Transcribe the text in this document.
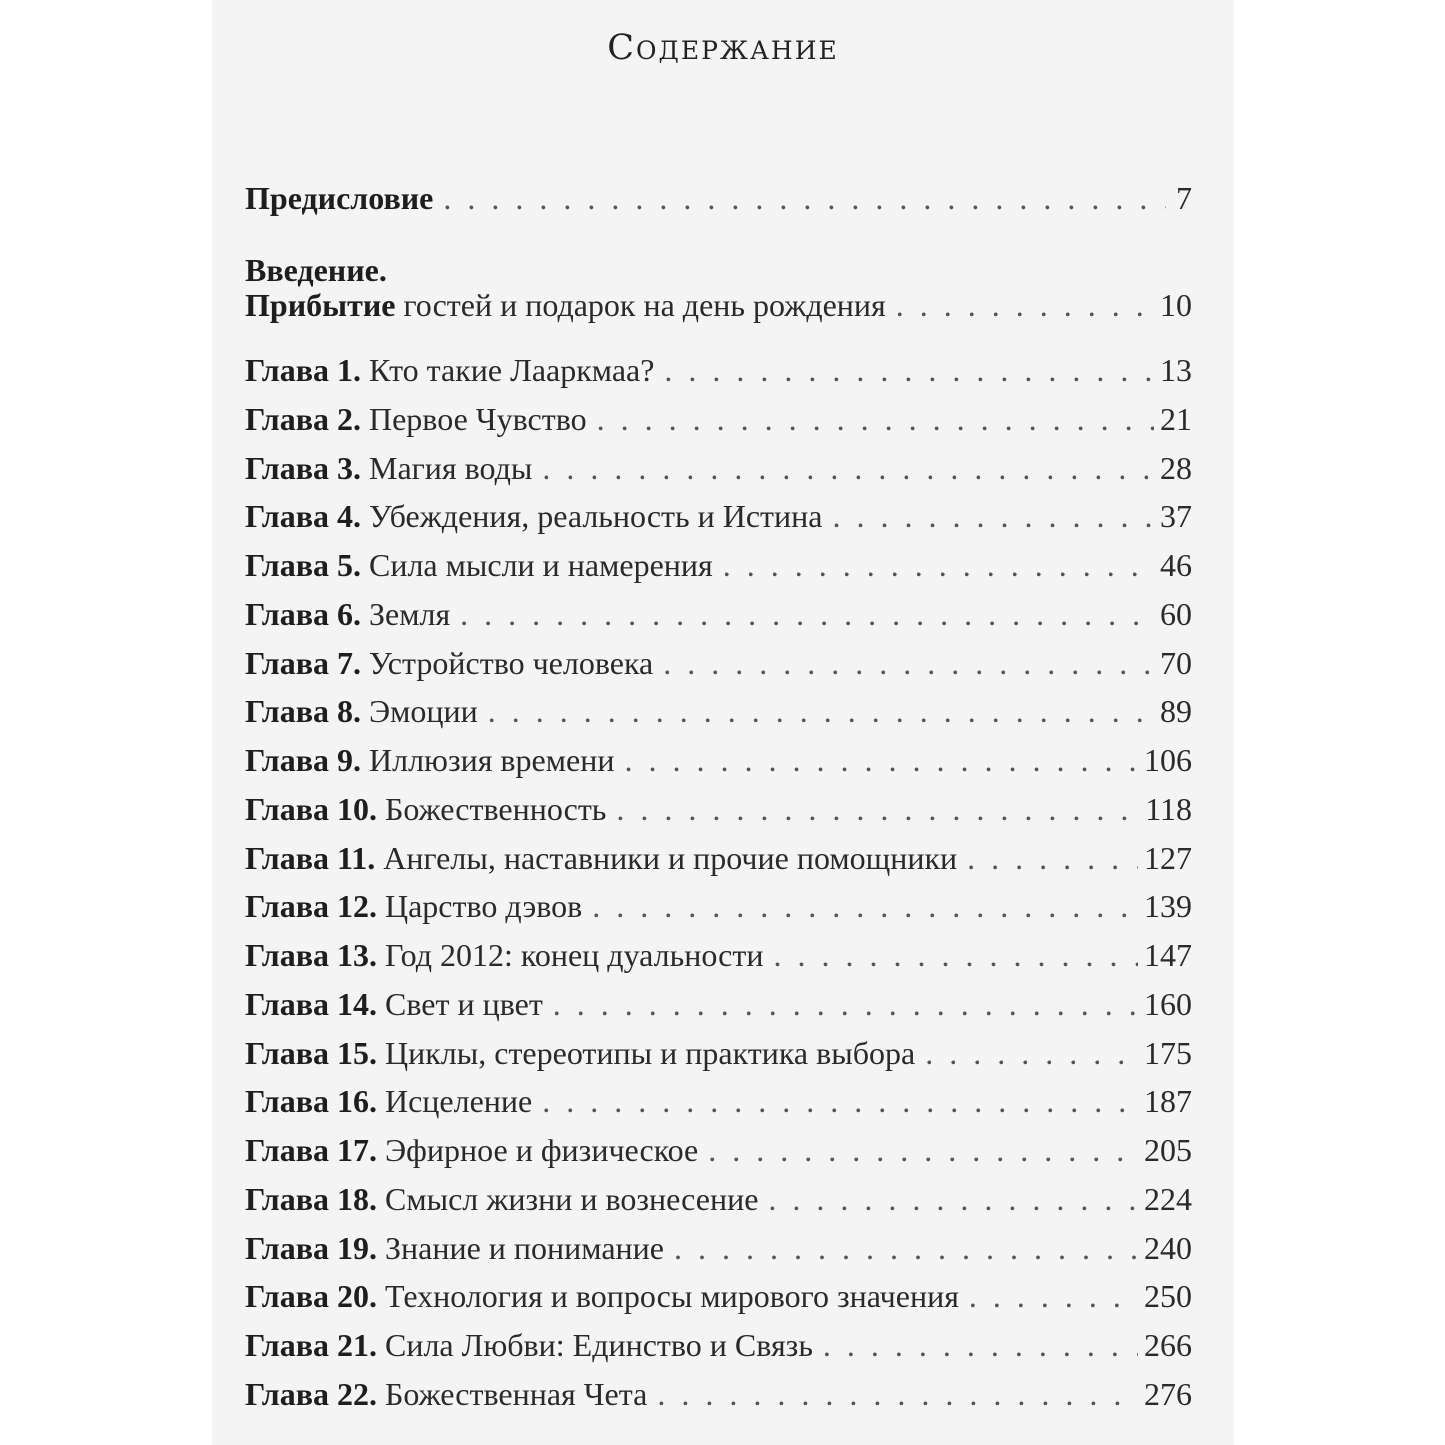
Содержание
Предисловие . . .	7
Введение.
Прибытие гостей и подарок на день рождения . . .	10
Глава 1. Кто такие Лааркмаа? . . .	13
Глава 2. Первое Чувство . . .	21
Глава 3. Магия воды . . .	28
Глава 4. Убеждения, реальность и Истина . . .	37
Глава 5. Сила мысли и намерения . . .	46
Глава 6. Земля . . .	60
Глава 7. Устройство человека . . .	70
Глава 8. Эмоции . . .	89
Глава 9. Иллюзия времени . . .	106
Глава 10. Божественность . . .	118
Глава 11. Ангелы, наставники и прочие помощники . . .	127
Глава 12. Царство дэвов . . .	139
Глава 13. Год 2012: конец дуальности . . .	147
Глава 14. Свет и цвет . . .	160
Глава 15. Циклы, стереотипы и практика выбора . . .	175
Глава 16. Исцеление . . .	187
Глава 17. Эфирное и физическое . . .	205
Глава 18. Смысл жизни и вознесение . . .	224
Глава 19. Знание и понимание . . .	240
Глава 20. Технология и вопросы мирового значения . . .	250
Глава 21. Сила Любви: Единство и Связь . . .	266
Глава 22. Божественная Чета . . .	276
